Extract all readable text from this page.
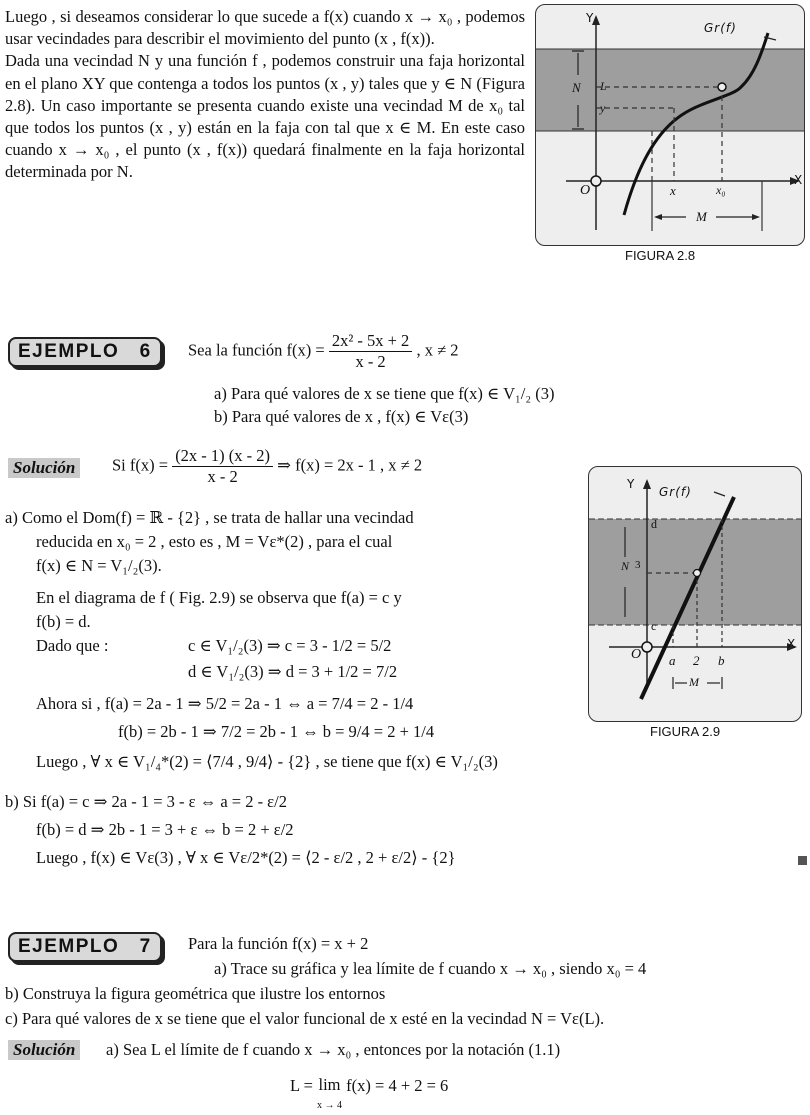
Luego , si deseamos considerar lo que sucede a f(x) cuando x → x₀ , podemos usar vecindades para describir el movimiento del punto (x , f(x)).
Dada una vecindad N y una función f , podemos construir una faja horizontal en el plano XY que contenga a todos los puntos (x , y) tales que y ∈ N (Figura 2.8). Un caso importante se presenta cuando existe una vecindad M de x₀ tal que todos los puntos (x , y) están en la faja con tal que x ∈ M. En este caso cuando x → x₀ , el punto (x , f(x)) quedará finalmente en la faja horizontal determinada por N.
Y
X
O
Gr(f)
N L
y
x	x₀
M
FIGURA 2.8
EJEMPLO 6	Sea la función $f(x) = \frac{\text{2x² - 5x + 2}}{x - 2}$ , x ≠ 2
a) Para qué valores de x se tiene que f(x) ∈ V₁/₂ (3)
b) Para qué valores de x , f(x) ∈ Vε(3)
Solución	Si $f(x) = \frac{(2x - 1) (x - 2)}{x - 2}$ ⇒ f(x) = 2x - 1 , x ≠ 2
a) Como el Dom(f) = ℝ - {2} , se trata de hallar una vecindad
reducida en x₀ = 2 , esto es , M = Vε*(2) , para el cual
f(x) ∈ N = V₁/₂(3).
En el diagrama de f ( Fig. 2.9) se observa que f(a) = c y
f(b) = d.
Dado que :	c ∈ V₁/₂(3) ⇒ c = 3 - 1/2 = 5/2
d ∈ V₁/₂(3) ⇒ d = 3 + 1/2 = 7/2
Ahora si , f(a) = 2a - 1 ⇒ 5/2 = 2a - 1 ⇔ a = 7/4 = 2 - 1/4
f(b) = 2b - 1 ⇒ 7/2 = 2b - 1 ⇔ b = 9/4 = 2 + 1/4
Luego , ∀ x ∈ V₁/₄*(2) = ⟨7/4 , 9/4⟩ - {2} , se tiene que f(x) ∈ V₁/₂(3)
b) Si f(a) = c ⇒ 2a - 1 = 3 - ε ⇔ a = 2 - ε/2
f(b) = d ⇒ 2b - 1 = 3 + ε ⇔ b = 2 + ε/2
Luego , f(x) ∈ Vε(3) , ∀ x ∈ Vε/2*(2) = ⟨2 - ε/2 , 2 + ε/2⟩ - {2}
Y
X
O
Gr(f)
N 3
d
c
a 2 b
M
FIGURA 2.9
EJEMPLO 7	Para la función f(x) = x + 2
a) Trace su gráfica y lea límite de f cuando x → x₀ , siendo x₀ = 4
b) Construya la figura geométrica que ilustre los entornos
c) Para qué valores de x se tiene que el valor funcional de x esté en la vecindad N = Vε(L).
Solución	a) Sea L el límite de f cuando x → x₀ , entonces por la notación (1.1)
L = lim
x → 4 f(x) = 4 + 2 = 6
